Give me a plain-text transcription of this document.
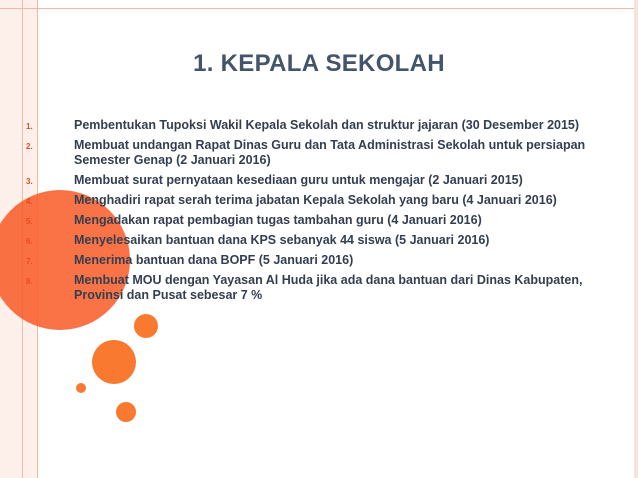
1. KEPALA SEKOLAH
1.	Pembentukan Tupoksi Wakil Kepala Sekolah dan struktur jajaran (30 Desember 2015)
2.	Membuat undangan Rapat Dinas Guru dan Tata Administrasi Sekolah untuk persiapan Semester Genap (2 Januari 2016)
3.	Membuat surat pernyataan kesediaan guru untuk mengajar (2 Januari 2015)
4.	Menghadiri rapat serah terima jabatan Kepala Sekolah yang baru (4 Januari 2016)
5.	Mengadakan rapat pembagian tugas tambahan guru (4 Januari 2016)
6.	Menyelesaikan bantuan dana KPS sebanyak 44 siswa (5 Januari 2016)
7.	Menerima bantuan dana BOPF (5 Januari 2016)
8.	Membuat MOU dengan Yayasan Al Huda jika ada dana bantuan dari Dinas Kabupaten, Provinsi dan Pusat sebesar 7 %
